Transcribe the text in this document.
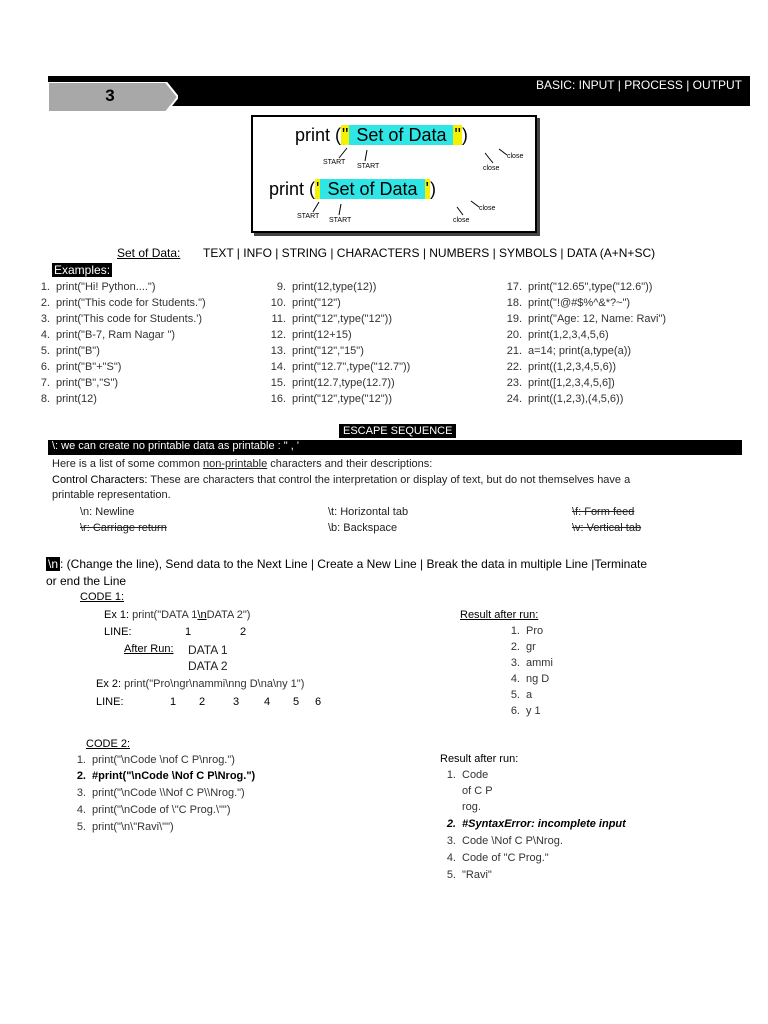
3
BASIC: INPUT | PROCESS | OUTPUT
print (" Set of Data ")
START
START	close
close
print (' Set of Data ')
START
START	close
close
Set of Data: TEXT | INFO | STRING | CHARACTERS | NUMBERS | SYMBOLS | DATA (A+N+SC)
Examples:
1. print("Hi! Python....")
2. print("This code for Students.")
3. print('This code for Students.')
4. print("B-7, Ram Nagar ")
5. print("B")
6. print("B"+"S")
7. print("B","S")
8. print(12)
9. print(12,type(12))
10. print("12")
11. print("12",type("12"))
12. print(12+15)
13. print("12","15")
14. print("12.7",type("12.7"))
15. print(12.7,type(12.7))
16. print("12",type("12"))
17. print("12.65",type("12.6"))
18. print("!@#$%^&*?~")
19. print("Age: 12, Name: Ravi")
20. print(1,2,3,4,5,6)
21. a=14; print(a,type(a))
22. print((1,2,3,4,5,6))
23. print([1,2,3,4,5,6])
24. print((1,2,3),(4,5,6))
ESCAPE SEQUENCE
\: we can create no printable data as printable : " , '
Here is a list of some common non-printable characters and their descriptions:
Control Characters: These are characters that control the interpretation or display of text, but do not themselves have a
printable representation.
\n: Newline	\t: Horizontal tab	\f: Form feed
\r: Carriage return	\b: Backspace	\v: Vertical tab
\n : (Change the line), Send data to the Next Line | Create a New Line | Break the data in multiple Line |Terminate
or end the Line
CODE 1:
Ex 1: print("DATA 1\nDATA 2")
LINE:	1	2
After Run: DATA 1
DATA 2
Ex 2: print("Pro\ngr\nammi\nng D\na\ny 1")
LINE:	1 2	3 4 5 6
Result after run:
1. Pro
2. gr
3. ammi
4. ng D
5. a
6. y 1
CODE 2:
1. print("\nCode \nof C P\nrog.")
2. #print("\nCode \Nof C P\Nrog.")
3. print("\nCode \\Nof C P\\Nrog.")
4. print("\nCode of \"C Prog.\"")
5. print("\n\"Ravi\"")
Result after run:
1. Code
of C P
rog.
2. #SyntaxError: incomplete input
3. Code \Nof C P\Nrog.
4. Code of "C Prog."
5. "Ravi"
